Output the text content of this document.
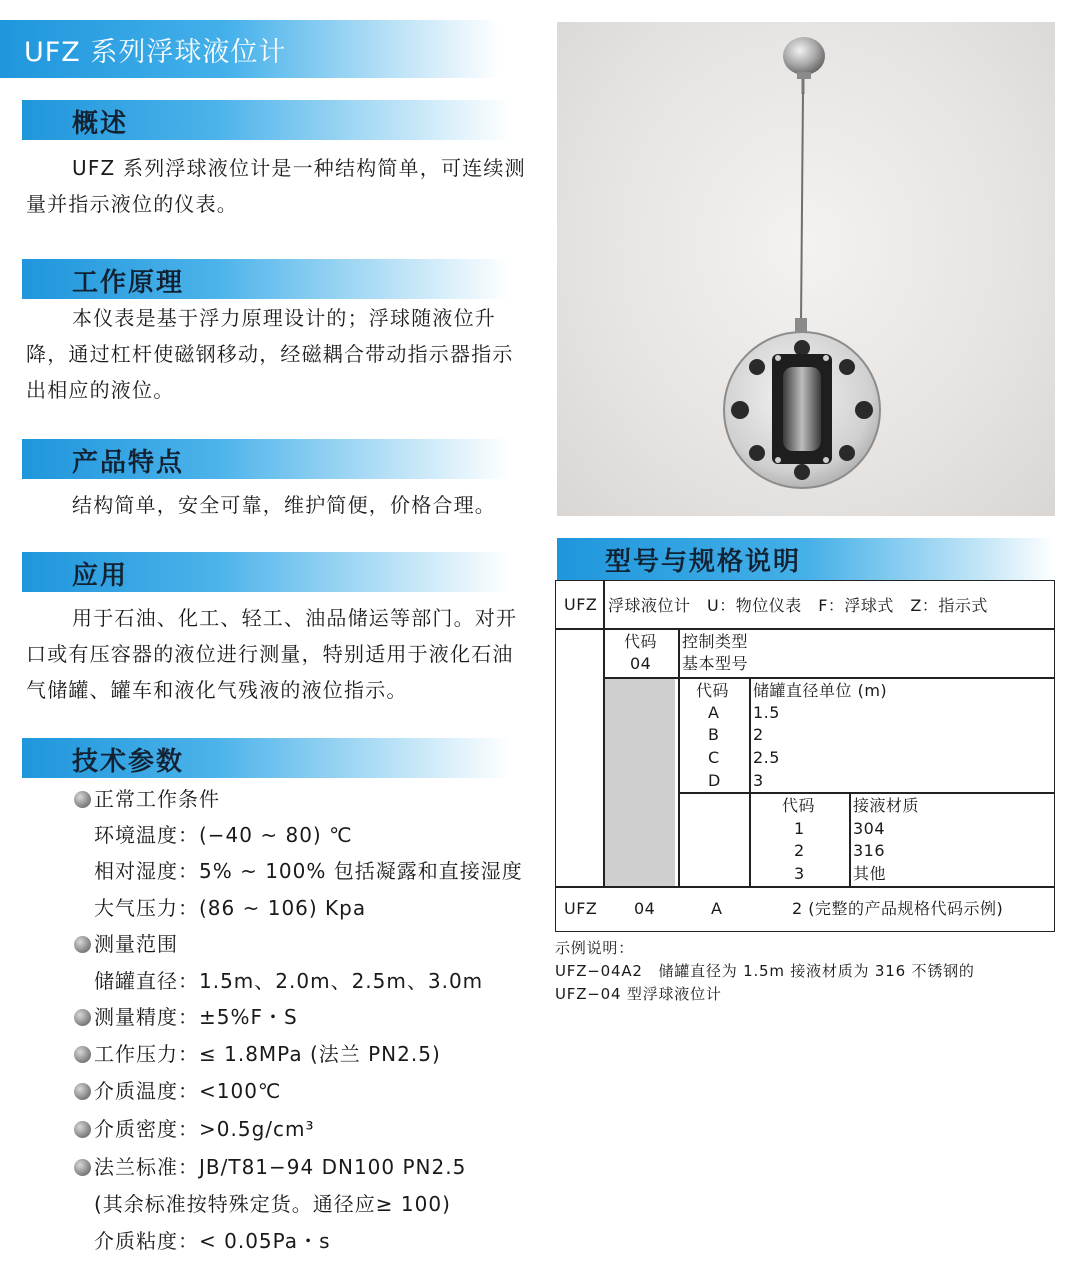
UFZ 系列浮球液位计
概述
UFZ 系列浮球液位计是一种结构简单，可连续测量并指示液位的仪表。
工作原理
本仪表是基于浮力原理设计的；浮球随液位升降，通过杠杆使磁钢移动，经磁耦合带动指示器指示出相应的液位。
产品特点
结构简单，安全可靠，维护简便，价格合理。
应用
用于石油、化工、轻工、油品储运等部门。对开口或有压容器的液位进行测量，特别适用于液化石油气储罐、罐车和液化气残液的液位指示。
技术参数
正常工作条件
环境温度：(−40 ~ 80) ℃
相对湿度：5% ~ 100% 包括凝露和直接湿度
大气压力：(86 ~ 106) Kpa
测量范围
储罐直径：1.5m、2.0m、2.5m、3.0m
测量精度：±5%F・S
工作压力：≤ 1.8MPa (法兰 PN2.5)
介质温度：<100℃
介质密度：>0.5g/cm³
法兰标准：JB/T81−94 DN100 PN2.5
(其余标准按特殊定货。通径应≥ 100)
介质粘度：< 0.05Pa・s
型号与规格说明
UFZ 浮球液位计　U：物位仪表　F：浮球式　Z：指示式
代码
04
控制类型
基本型号
代码 储罐直径单位 (m)
A
B
C
D
1.5
2
2.5
3
代码 接液材质
1
2
3
304
316
其他
UFZ 04	A	2 (完整的产品规格代码示例)
示例说明：
UFZ−04A2　储罐直径为 1.5m 接液材质为 316 不锈钢的
UFZ−04 型浮球液位计
